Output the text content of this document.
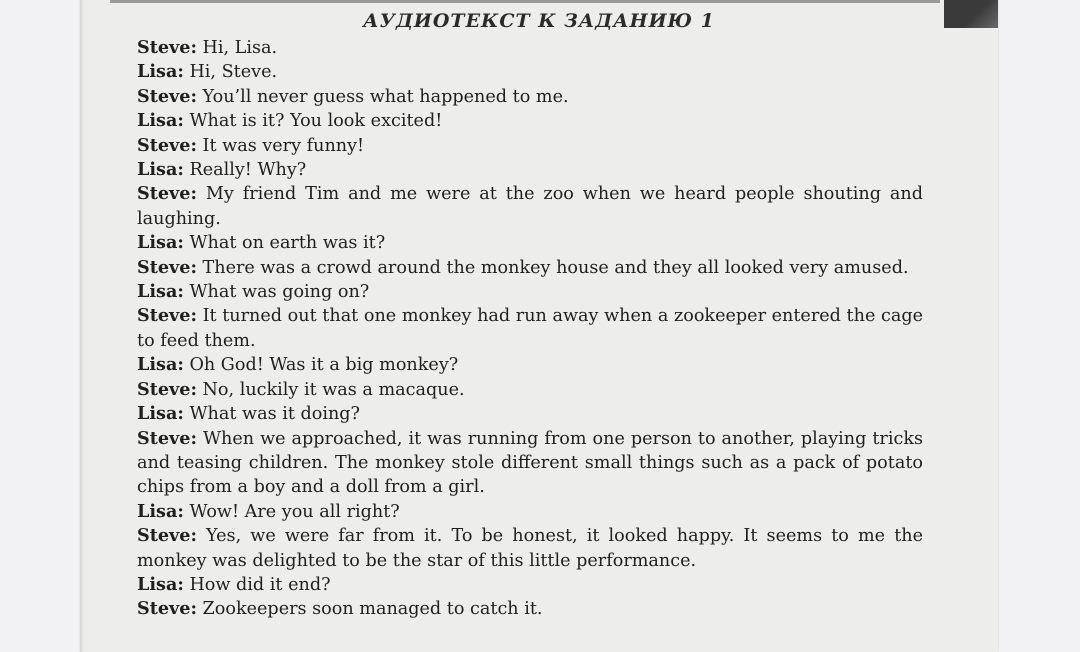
АУДИОТЕКСТ К ЗАДАНИЮ 1
Steve: Hi, Lisa.
Lisa: Hi, Steve.
Steve: You’ll never guess what happened to me.
Lisa: What is it? You look excited!
Steve: It was very funny!
Lisa: Really! Why?
Steve: My friend Tim and me were at the zoo when we heard people shouting and laughing.
Lisa: What on earth was it?
Steve: There was a crowd around the monkey house and they all looked very amused.
Lisa: What was going on?
Steve: It turned out that one monkey had run away when a zookeeper entered the cage to feed them.
Lisa: Oh God! Was it a big monkey?
Steve: No, luckily it was a macaque.
Lisa: What was it doing?
Steve: When we approached, it was running from one person to another, playing tricks and teasing children. The monkey stole different small things such as a pack of potato chips from a boy and a doll from a girl.
Lisa: Wow! Are you all right?
Steve: Yes, we were far from it. To be honest, it looked happy. It seems to me the monkey was delighted to be the star of this little performance.
Lisa: How did it end?
Steve: Zookeepers soon managed to catch it.
